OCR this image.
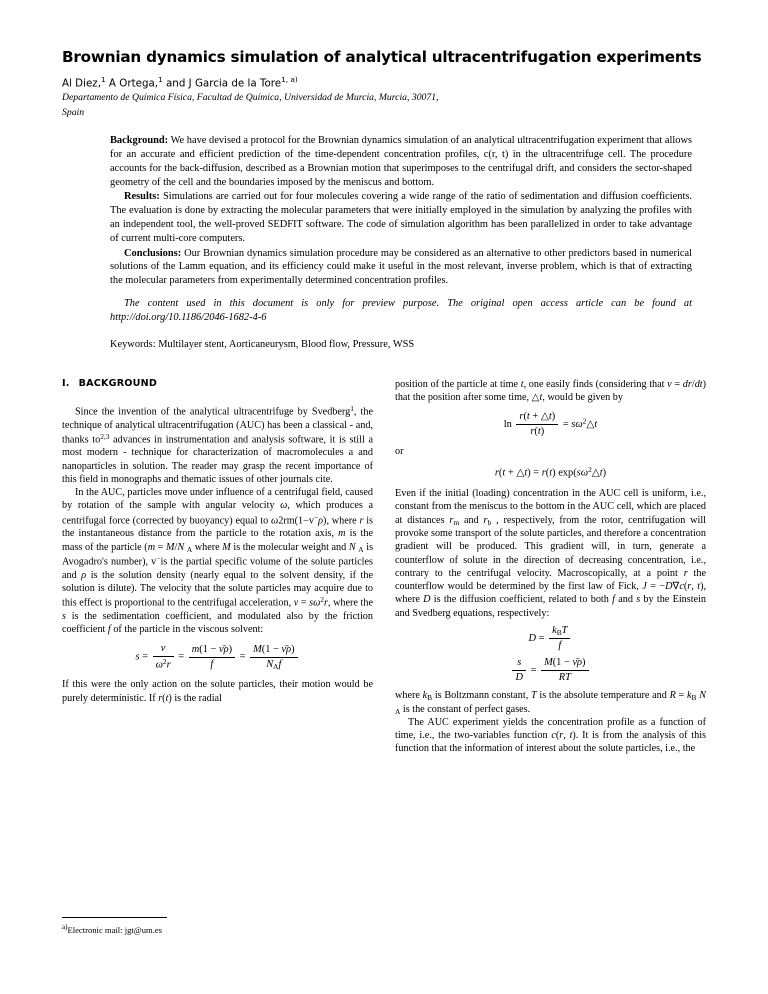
Brownian dynamics simulation of analytical ultracentrifugation experiments
Al Diez,$^1$ A Ortega,$^1$ and J Garcia de la Tore$^{1, a)}$
Departamento de Química Física, Facultad de Química, Universidad de Murcia, Murcia, 30071,
Spain

Background: We have devised a protocol for the Brownian dynamics simulation of an analytical ultracentrifugation experiment that allows for an accurate and efficient prediction of the time-dependent concentration profiles, c(r, t) in the ultracentrifuge cell. The procedure accounts for the back-diffusion, described as a Brownian motion that superimposes to the centrifugal drift, and considers the sector-shaped geometry of the cell and the boundaries imposed by the meniscus and bottom.

Results: Simulations are carried out for four molecules covering a wide range of the ratio of sedimentation and diffusion coefficients. The evaluation is done by extracting the molecular parameters that were initially employed in the simulation by analyzing the profiles with an independent tool, the well-proved SEDFIT software. The code of simulation algorithm has been parallelized in order to take advantage of current multi-core computers.

Conclusions: Our Brownian dynamics simulation procedure may be considered as an alternative to other predictors based in numerical solutions of the Lamm equation, and its efficiency could make it useful in the most relevant, inverse problem, which is that of extracting the molecular parameters from experimentally determined concentration profiles.

The content used in this document is only for preview purpose. The original open access article can be found at http://doi.org/10.1186/2046-1682-4-6
Keywords: Multilayer stent, Aorticaneurysm, Blood flow, Pressure, WSS
I. BACKGROUND

Since the invention of the analytical ultracentrifuge by Svedberg$^1$, the technique of analytical ultracentrifugation (AUC) has been a classical - and, thanks to$^{2,3}$ advances in instrumentation and analysis software, it is still a most modern - technique for characterization of macromolecules a and nanoparticles in solution. The reader may grasp the recent importance of this field in monographs and thematic issues of other journals cite.

In the AUC, particles move under influence of a centrifugal field, caused by rotation of the sample with angular velocity ω, which produces a centrifugal force (corrected by buoyancy) equal to ω2rm(1−v−ρ), where r is the instantaneous distance from the particle to the rotation axis, m is the mass of the particle (m = M/N $_A$ where M is the molecular weight and N $_A$ is Avogadro's number), v−is the partial specific volume of the solute particles and ρ is the solution density (nearly equal to the solvent density, if the solution is dilute). The velocity that the solute particles may acquire due to this effect is proportional to the centrifugal acceleration, $v = s\omega^2r$, where the s is the sedimentation coefficient, and modulated also by the friction coefficient f of the particle in the viscous solvent:

$s = \frac{\nu}{\omega^2r} = \frac{m(1 - \nū\rho)}{f} = \frac{M(1 - \nū\rho)}{N_Af}$

If this were the only action on the solute particles, their motion would be purely deterministic. If r(t) is the radial

position of the particle at time t, one easily finds (considering that v = dr/dt) that the position after some time, △t, would be given by

$\ln \frac{r(t + \triangle t)}{r(t)}$ = $s\omega^2\triangle t$

or

r(t + △t) = r(t) $\exp(s\omega^2\triangle t)$

Even if the initial (loading) concentration in the AUC cell is uniform, i.e., constant from the meniscus to the bottom in the AUC cell, which are placed at distances $r_m$ and $r_b$ , respectively, from the rotor, centrifugation will provoke some transport of the solute particles, and therefore a concentration gradient will be produced. This gradient will, in turn, generate a counterflow of solute in the direction of decreasing concentration, i.e., contrary to the centrifugal velocity. Macroscopically, at a point r the counterflow would be determined by the first law of Fick, J = −D∇c(r, t), where D is the diffusion coefficient, related to both f and s by the Einstein and Svedberg equations, respectively:

$D = \frac{k_BT}{f}$
$\frac{s}{D} = \frac{M(1 - \nū\rho)}{RT}$

where $k_B$ is Boltzmann constant, T is the absolute temperature and $R = k_B$ N $_A$ is the constant of perfect gases.

The AUC experiment yields the concentration profile as a function of time, i.e., the two-variables function c(r, t). It is from the analysis of this function that the information of interest about the solute particles, i.e., the

$^{a)}$Electronic mail: jgt@um.es
